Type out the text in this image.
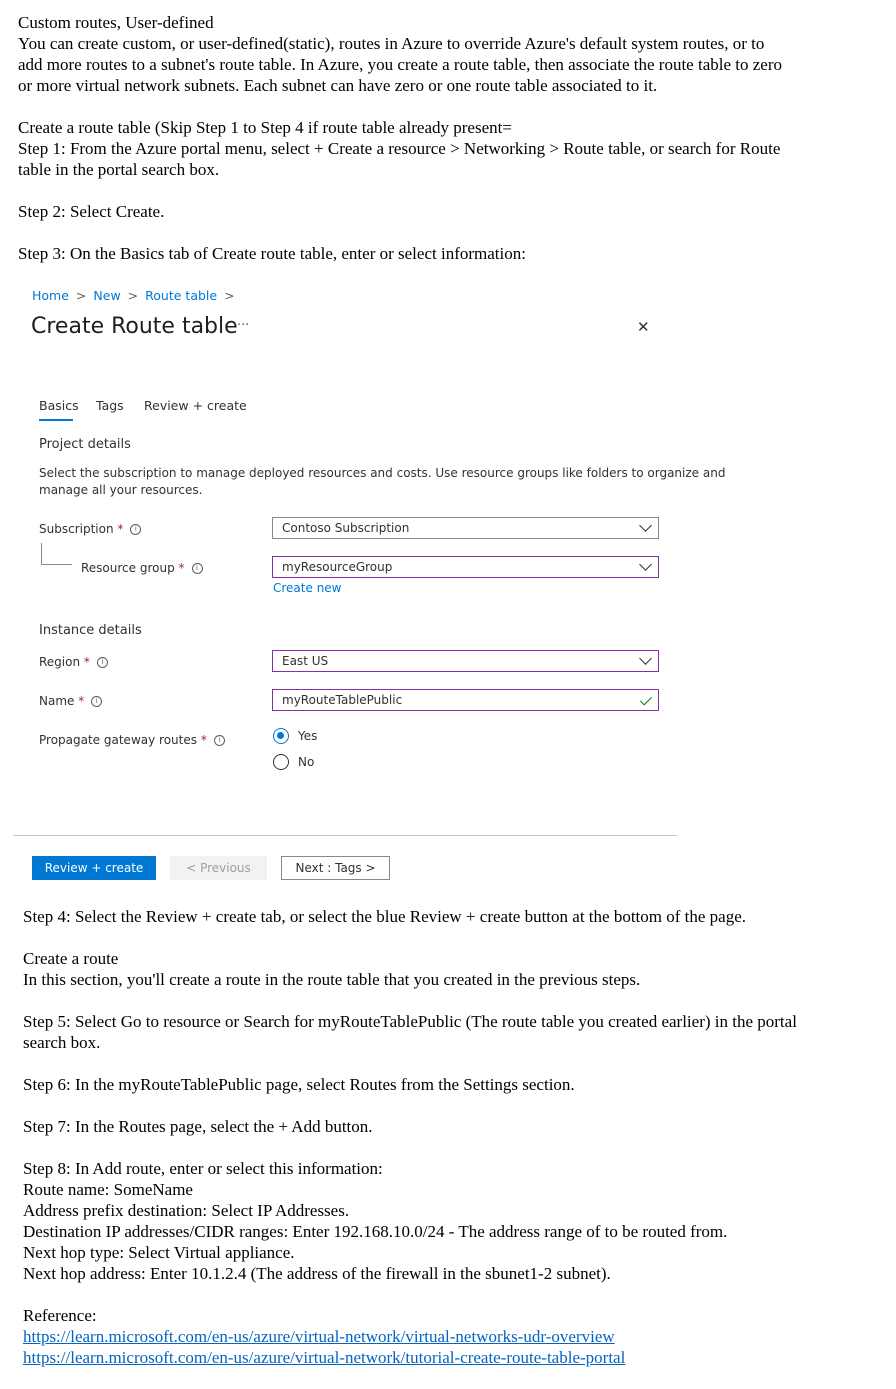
Custom routes, User-defined
You can create custom, or user-defined(static), routes in Azure to override Azure's default system routes, or to
add more routes to a subnet's route table. In Azure, you create a route table, then associate the route table to zero
or more virtual network subnets. Each subnet can have zero or one route table associated to it.
Create a route table (Skip Step 1 to Step 4 if route table already present=
Step 1: From the Azure portal menu, select + Create a resource > Networking > Route table, or search for Route
table in the portal search box.
Step 2: Select Create.
Step 3: On the Basics tab of Create route table, enter or select information:
Home > New > Route table >
Create Route table ···	✕
Basics Tags Review + create
Project details
Select the subscription to manage deployed resources and costs. Use resource groups like folders to organize and
manage all your resources.
Subscription * i	Contoso Subscription
Resource group * i	myResourceGroup
Create new
Instance details
Region * i	East US
Name * i	myRouteTablePublic
Propagate gateway routes * i	Yes
No
Review + create	< Previous	Next : Tags >
Step 4: Select the Review + create tab, or select the blue Review + create button at the bottom of the page.
Create a route
In this section, you'll create a route in the route table that you created in the previous steps.
Step 5: Select Go to resource or Search for myRouteTablePublic (The route table you created earlier) in the portal
search box.
Step 6: In the myRouteTablePublic page, select Routes from the Settings section.
Step 7: In the Routes page, select the + Add button.
Step 8: In Add route, enter or select this information:
Route name: SomeName
Address prefix destination: Select IP Addresses.
Destination IP addresses/CIDR ranges: Enter 192.168.10.0/24 - The address range of to be routed from.
Next hop type: Select Virtual appliance.
Next hop address: Enter 10.1.2.4 (The address of the firewall in the sbunet1-2 subnet).
Reference:
https://learn.microsoft.com/en-us/azure/virtual-network/virtual-networks-udr-overview
https://learn.microsoft.com/en-us/azure/virtual-network/tutorial-create-route-table-portal
